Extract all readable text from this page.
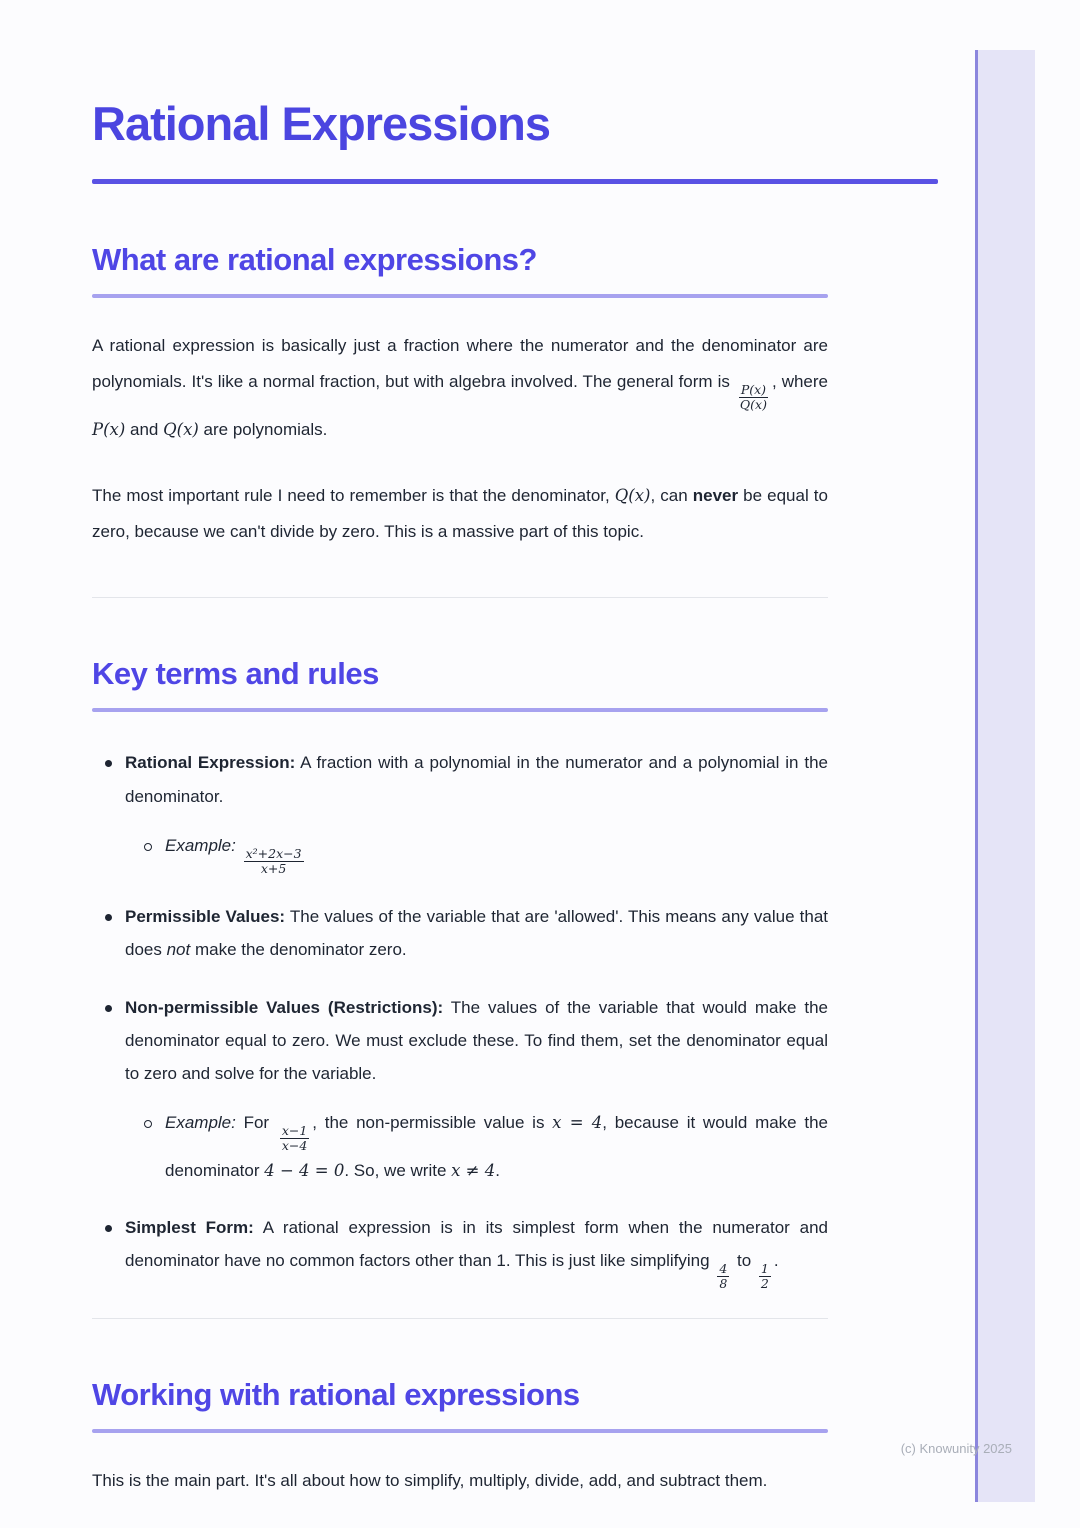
Rational Expressions
What are rational expressions?

A rational expression is basically just a fraction where the numerator and the denominator are polynomials. It's like a normal fraction, but with algebra involved. The general form is
$\frac{P(x)}{Q(x)}$
, where P(x) and Q(x) are polynomials.

The most important rule I need to remember is that the denominator, Q(x), can never be equal to zero, because we can't divide by zero. This is a massive part of this topic.

Key terms and rules
Rational Expression: A fraction with a polynomial in the numerator and a polynomial in the denominator.
Example:
$\frac{\text{x²+2x−3}}{x+5}$
Permissible Values: The values of the variable that are 'allowed'. This means any value that does not make the denominator zero.
Non-permissible Values (Restrictions): The values of the variable that would make the denominator equal to zero. We must exclude these. To find them, set the denominator equal to zero and solve for the variable.
Example: For
$\frac{x-1}{x-4}$
, the non-permissible value is x = 4, because it would make the denominator 4 − 4 = 0. So, we write x ≠ 4.
Simplest Form: A rational expression is in its simplest form when the numerator and denominator have no common factors other than 1. This is just like simplifying
$\frac{4}{8}$
to
$\frac{1}{2}$
.
Working with rational expressions

This is the main part. It's all about how to simplify, multiply, divide, add, and subtract them.

(c) Knowunity 2025
